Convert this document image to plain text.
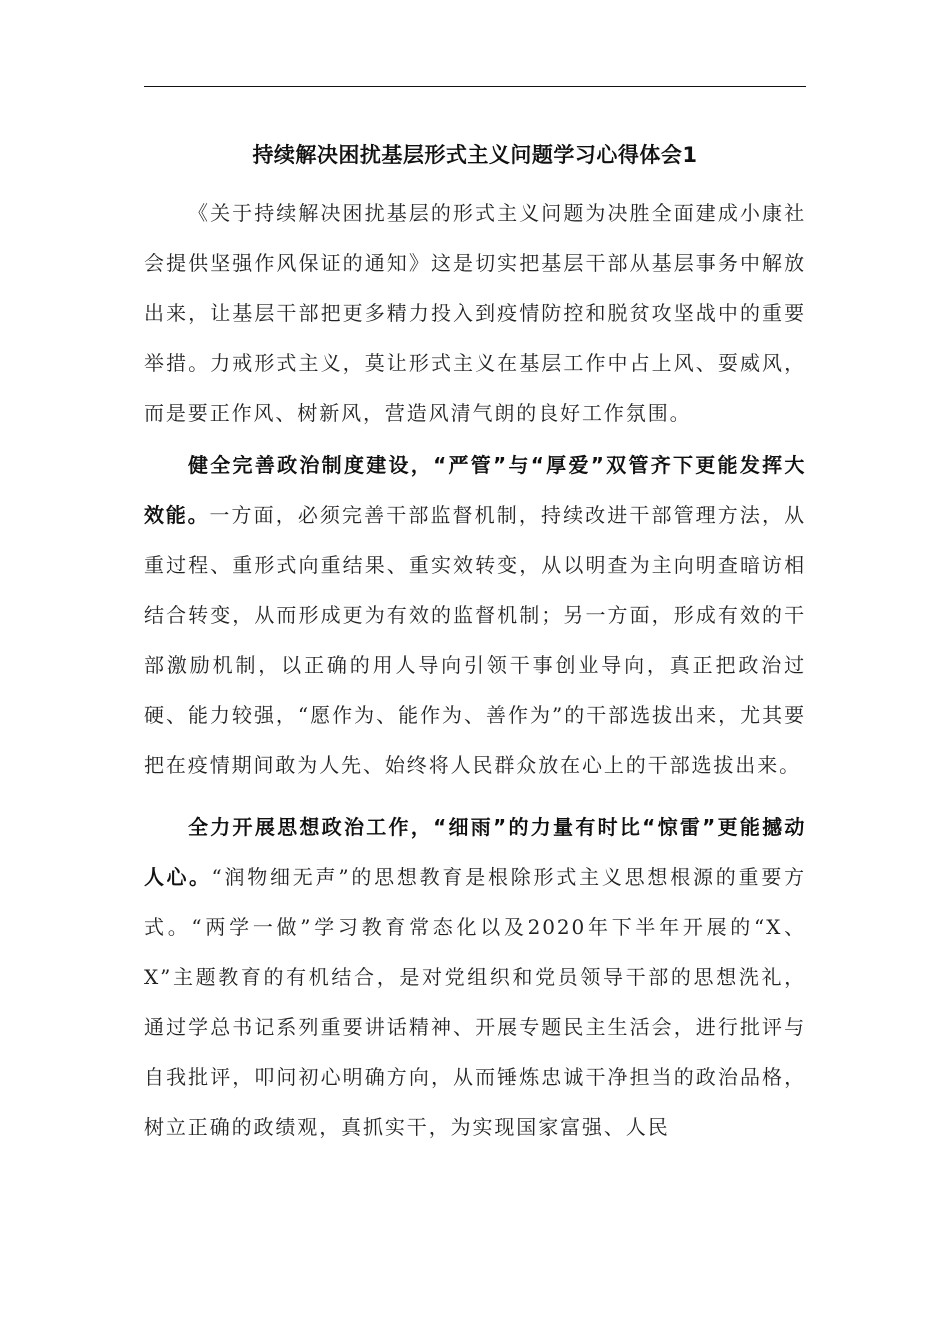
持续解决困扰基层形式主义问题学习心得体会1

《关于持续解决困扰基层的形式主义问题为决胜全面建成小康社会提供坚强作风保证的通知》这是切实把基层干部从基层事务中解放出来，让基层干部把更多精力投入到疫情防控和脱贫攻坚战中的重要举措。力戒形式主义，莫让形式主义在基层工作中占上风、耍威风，而是要正作风、树新风，营造风清气朗的良好工作氛围。

健全完善政治制度建设，“严管”与“厚爱”双管齐下更能发挥大效能。一方面，必须完善干部监督机制，持续改进干部管理方法，从重过程、重形式向重结果、重实效转变，从以明查为主向明查暗访相结合转变，从而形成更为有效的监督机制；另一方面，形成有效的干部激励机制，以正确的用人导向引领干事创业导向，真正把政治过硬、能力较强，“愿作为、能作为、善作为”的干部选拔出来，尤其要把在疫情期间敢为人先、始终将人民群众放在心上的干部选拔出来。

全力开展思想政治工作，“细雨”的力量有时比“惊雷”更能撼动人心。“润物细无声”的思想教育是根除形式主义思想根源的重要方式。“两学一做”学习教育常态化以及2020年下半年开展的“X、X”主题教育的有机结合，是对党组织和党员领导干部的思想洗礼，通过学总书记系列重要讲话精神、开展专题民主生活会，进行批评与自我批评，叩问初心明确方向，从而锤炼忠诚干净担当的政治品格，树立正确的政绩观，真抓实干，为实现国家富强、人民
